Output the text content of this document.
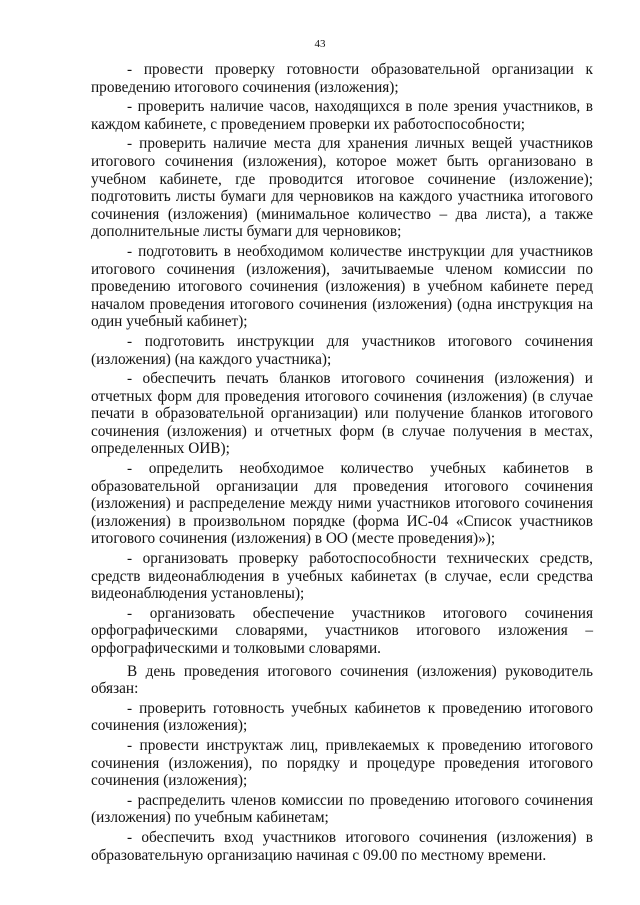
43

- провести проверку готовности образовательной организации к проведению итогового сочинения (изложения);

- проверить наличие часов, находящихся в поле зрения участников, в каждом кабинете, с проведением проверки их работоспособности;

- проверить наличие места для хранения личных вещей участников итогового сочинения (изложения), которое может быть организовано в учебном кабинете, где проводится итоговое сочинение (изложение); подготовить листы бумаги для черновиков на каждого участника итогового сочинения (изложения) (минимальное количество – два листа), а также дополнительные листы бумаги для черновиков;

- подготовить в необходимом количестве инструкции для участников итогового сочинения (изложения), зачитываемые членом комиссии по проведению итогового сочинения (изложения) в учебном кабинете перед началом проведения итогового сочинения (изложения) (одна инструкция на один учебный кабинет);

- подготовить инструкции для участников итогового сочинения (изложения) (на каждого участника);

- обеспечить печать бланков итогового сочинения (изложения) и отчетных форм для проведения итогового сочинения (изложения) (в случае печати в образовательной организации) или получение бланков итогового сочинения (изложения) и отчетных форм (в случае получения в местах, определенных ОИВ);

- определить необходимое количество учебных кабинетов в образовательной организации для проведения итогового сочинения (изложения) и распределение между ними участников итогового сочинения (изложения) в произвольном порядке (форма ИС-04 «Список участников итогового сочинения (изложения) в ОО (месте проведения)»);

- организовать проверку работоспособности технических средств, средств видеонаблюдения в учебных кабинетах (в случае, если средства видеонаблюдения установлены);

- организовать обеспечение участников итогового сочинения орфографическими словарями, участников итогового изложения – орфографическими и толковыми словарями.

В день проведения итогового сочинения (изложения) руководитель обязан:

- проверить готовность учебных кабинетов к проведению итогового сочинения (изложения);

- провести инструктаж лиц, привлекаемых к проведению итогового сочинения (изложения), по порядку и процедуре проведения итогового сочинения (изложения);

- распределить членов комиссии по проведению итогового сочинения (изложения) по учебным кабинетам;

- обеспечить вход участников итогового сочинения (изложения) в образовательную организацию начиная с 09.00 по местному времени.
